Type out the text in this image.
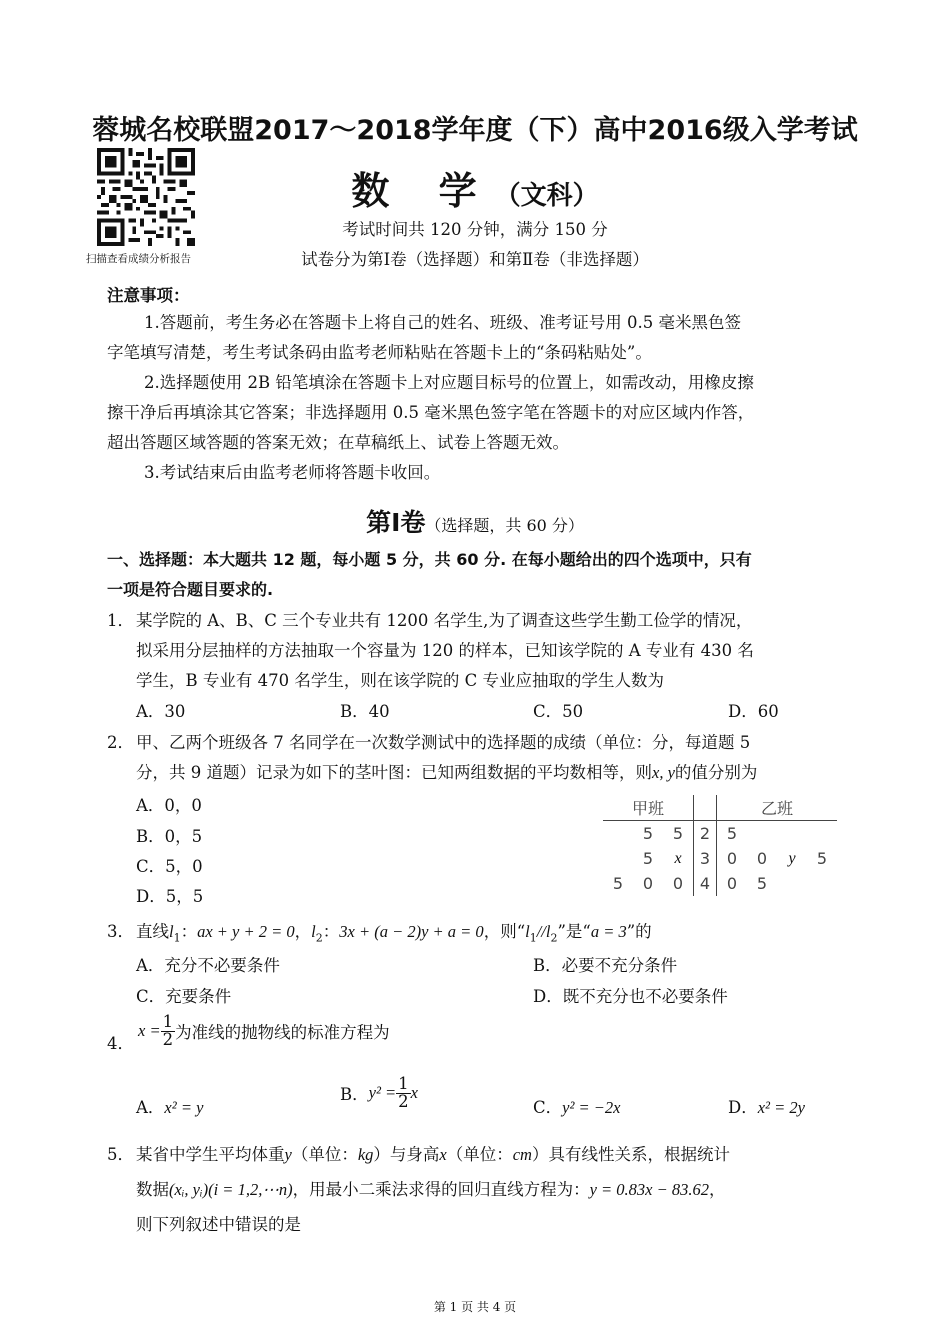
蓉城名校联盟2017～2018学年度（下）高中2016级入学考试
扫描查看成绩分析报告
数 学（文科）
考试时间共 120 分钟，满分 150 分
试卷分为第Ⅰ卷（选择题）和第Ⅱ卷（非选择题）
注意事项：
1.答题前，考生务必在答题卡上将自己的姓名、班级、准考证号用 0.5 毫米黑色签
字笔填写清楚，考生考试条码由监考老师粘贴在答题卡上的“条码粘贴处”。
2.选择题使用 2B 铅笔填涂在答题卡上对应题目标号的位置上，如需改动，用橡皮擦
擦干净后再填涂其它答案；非选择题用 0.5 毫米黑色签字笔在答题卡的对应区域内作答，
超出答题区域答题的答案无效；在草稿纸上、试卷上答题无效。
3.考试结束后由监考老师将答题卡收回。
第Ⅰ卷（选择题，共 60 分）
一、选择题：本大题共 12 题，每小题 5 分，共 60 分. 在每小题给出的四个选项中，只有
一项是符合题目要求的.
1． 某学院的 A、B、C 三个专业共有 1200 名学生,为了调查这些学生勤工俭学的情况，
拟采用分层抽样的方法抽取一个容量为 120 的样本，已知该学院的 A 专业有 430 名
学生，B 专业有 470 名学生，则在该学院的 C 专业应抽取的学生人数为
A．30	B．40	C．50	D．60
2． 甲、乙两个班级各 7 名同学在一次数学测试中的选择题的成绩（单位：分，每道题 5
分，共 9 道题）记录为如下的茎叶图：已知两组数据的平均数相等，则x, y的值分别为
A．0，0
B．0，5
C．5，0
D．5，5
甲班				乙班			
	5	5	2	5			
	5	x	3	0	0	y	5
5	0	0	4	0	5		
3． 直线$l_1$：ax + y + 2 = 0，$l_2$：3x + (a − 2)y + a = 0，则“$l_1//l_2$”是“a = 3”的
A．充分不必要条件	B．必要不充分条件
C．充要条件	D．既不充分也不必要条件
4．
$x = \frac{1}{2}$ 为准线的抛物线的标准方程为
A．x² = y
B．$y^2 = \frac{1}{2}$ x
C．y² = −2x	D．x² = 2y
5． 某省中学生平均体重y（单位：kg）与身高x（单位：cm）具有线性关系，根据统计
数据(xᵢ, yᵢ)(i = 1,2,⋯n)，用最小二乘法求得的回归直线方程为：y = 0.83x − 83.62，
则下列叙述中错误的是
第 1 页 共 4 页
